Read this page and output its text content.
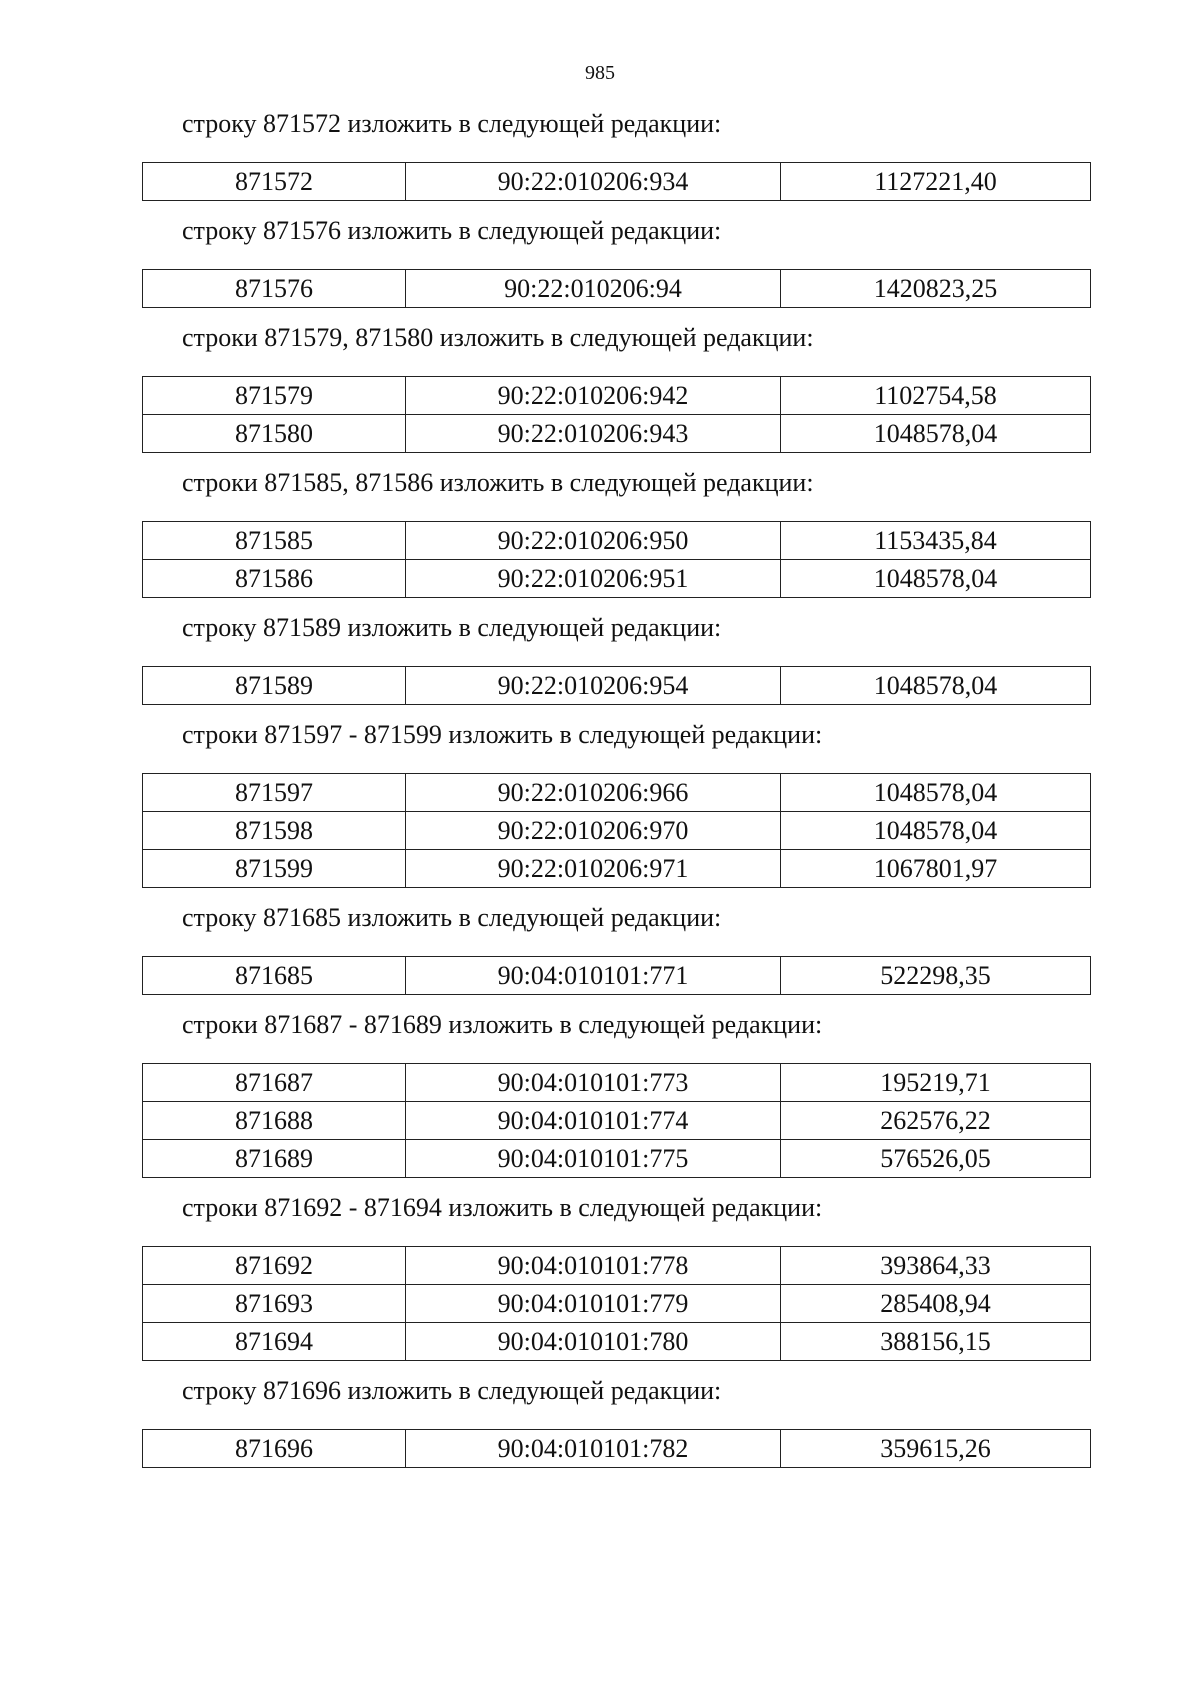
985
строку 871572 изложить в следующей редакции:
871572	90:22:010206:934	1127221,40
строку 871576 изложить в следующей редакции:
871576	90:22:010206:94	1420823,25
строки 871579, 871580 изложить в следующей редакции:
871579	90:22:010206:942	1102754,58
871580	90:22:010206:943	1048578,04
строки 871585, 871586 изложить в следующей редакции:
871585	90:22:010206:950	1153435,84
871586	90:22:010206:951	1048578,04
строку 871589 изложить в следующей редакции:
871589	90:22:010206:954	1048578,04
строки 871597 - 871599 изложить в следующей редакции:
871597	90:22:010206:966	1048578,04
871598	90:22:010206:970	1048578,04
871599	90:22:010206:971	1067801,97
строку 871685 изложить в следующей редакции:
871685	90:04:010101:771	522298,35
строки 871687 - 871689 изложить в следующей редакции:
871687	90:04:010101:773	195219,71
871688	90:04:010101:774	262576,22
871689	90:04:010101:775	576526,05
строки 871692 - 871694 изложить в следующей редакции:
871692	90:04:010101:778	393864,33
871693	90:04:010101:779	285408,94
871694	90:04:010101:780	388156,15
строку 871696 изложить в следующей редакции:
871696	90:04:010101:782	359615,26
